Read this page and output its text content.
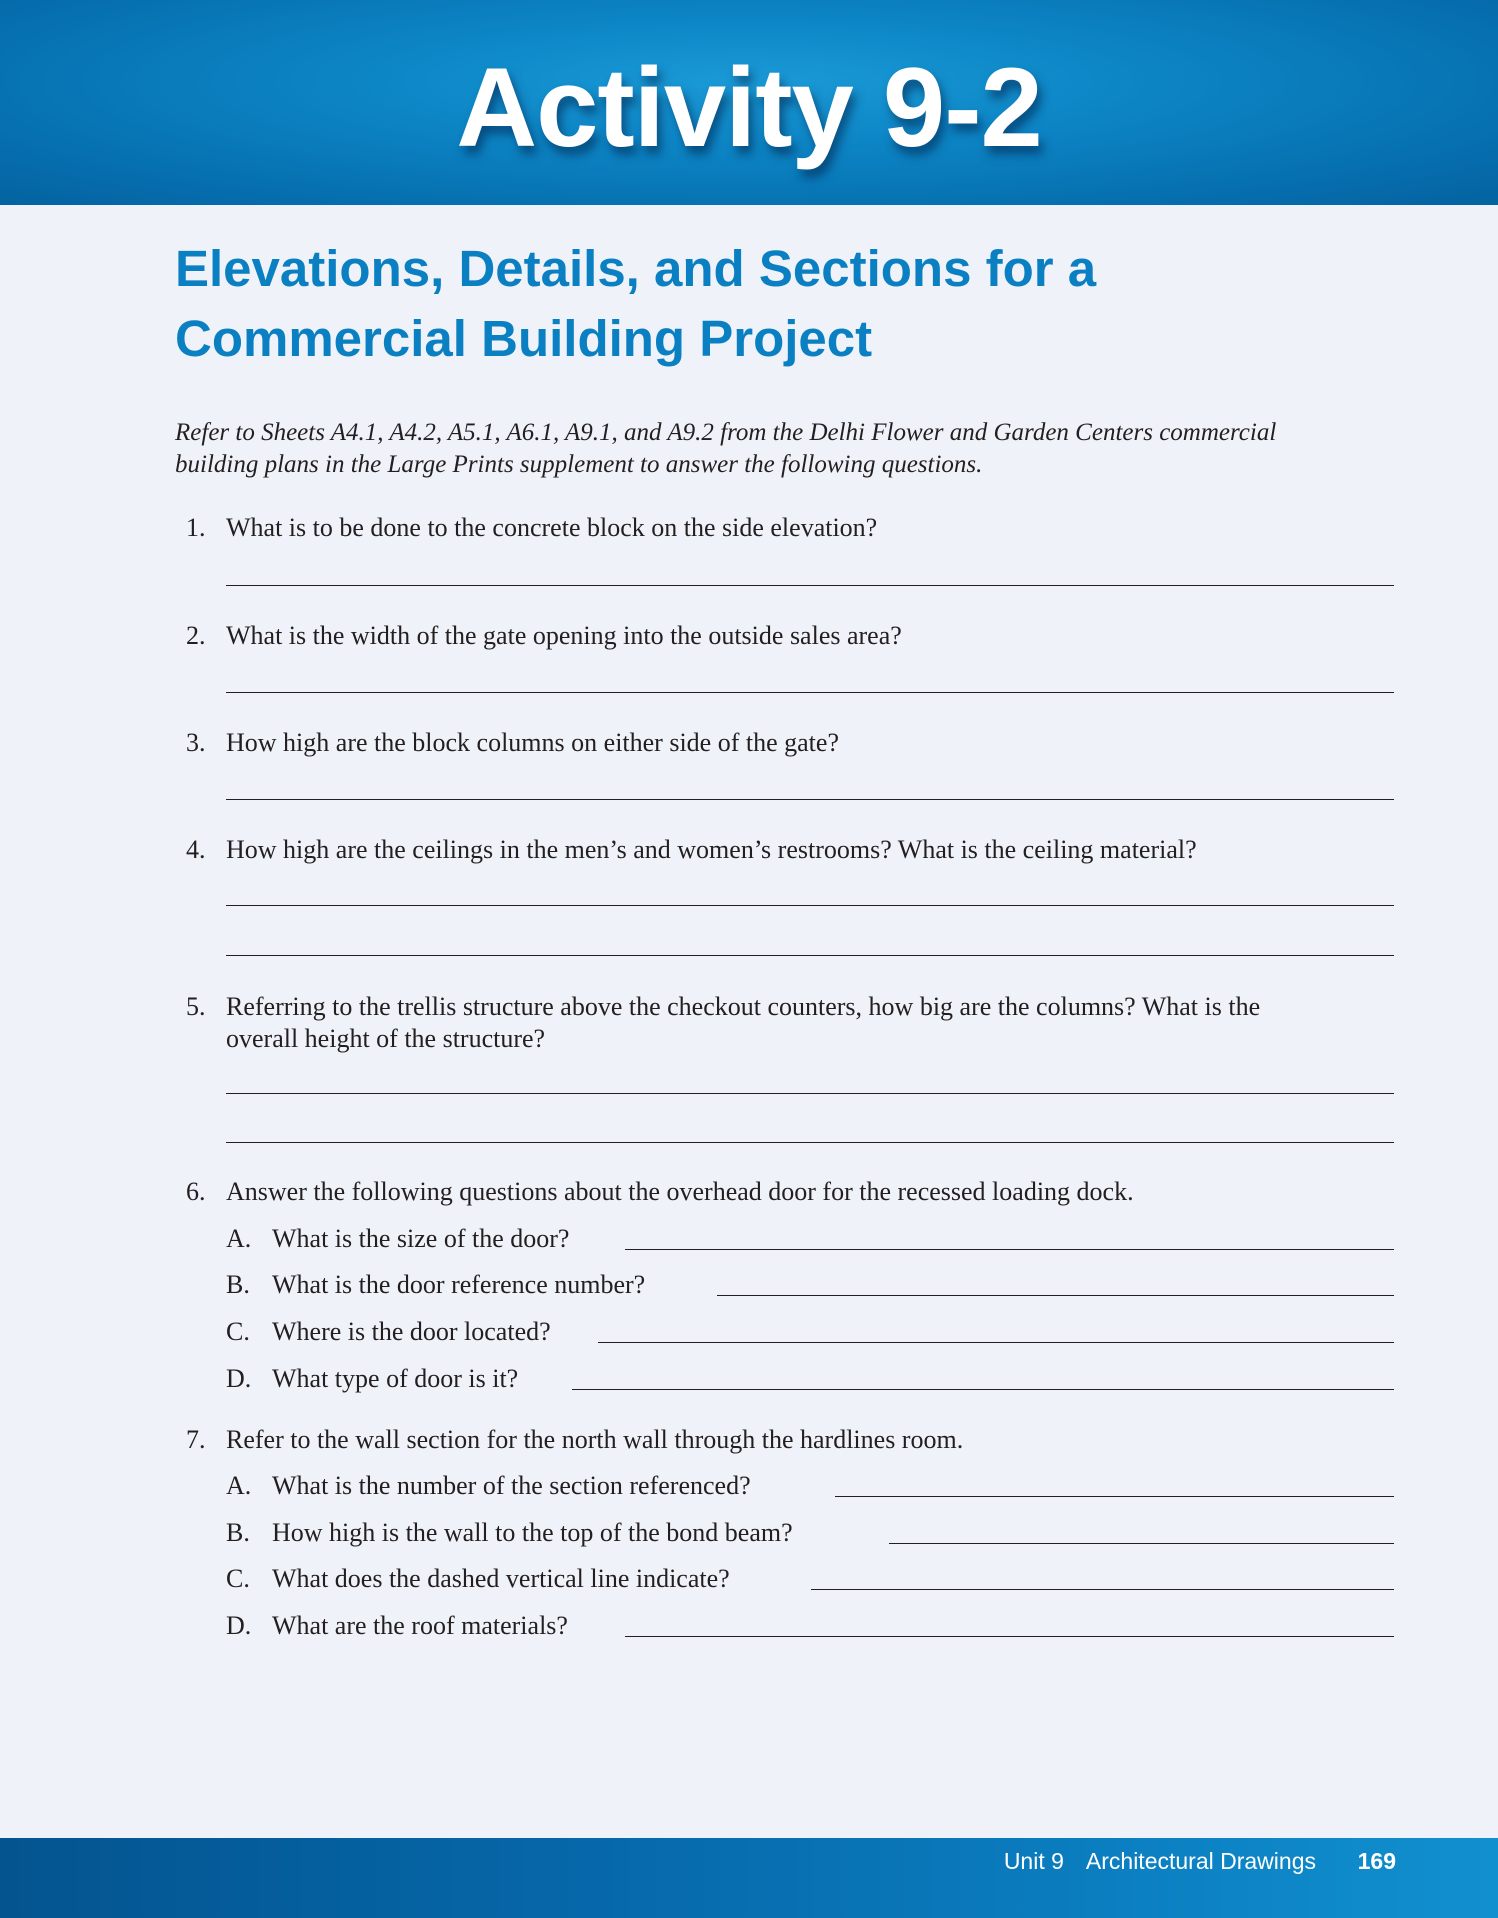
Activity 9-2
Elevations, Details, and Sections for a
Commercial Building Project
Refer to Sheets A4.1, A4.2, A5.1, A6.1, A9.1, and A9.2 from the Delhi Flower and Garden Centers commercial
building plans in the Large Prints supplement to answer the following questions.
1. What is to be done to the concrete block on the side elevation?
2. What is the width of the gate opening into the outside sales area?
3. How high are the block columns on either side of the gate?
4. How high are the ceilings in the men’s and women’s restrooms? What is the ceiling material?
5. Referring to the trellis structure above the checkout counters, how big are the columns? What is the
overall height of the structure?
6. Answer the following questions about the overhead door for the recessed loading dock.
A. What is the size of the door?
B. What is the door reference number?
C. Where is the door located?
D. What type of door is it?
7. Refer to the wall section for the north wall through the hardlines room.
A. What is the number of the section referenced?
B. How high is the wall to the top of the bond beam?
C. What does the dashed vertical line indicate?
D. What are the roof materials?
Unit 9 Architectural Drawings 169
